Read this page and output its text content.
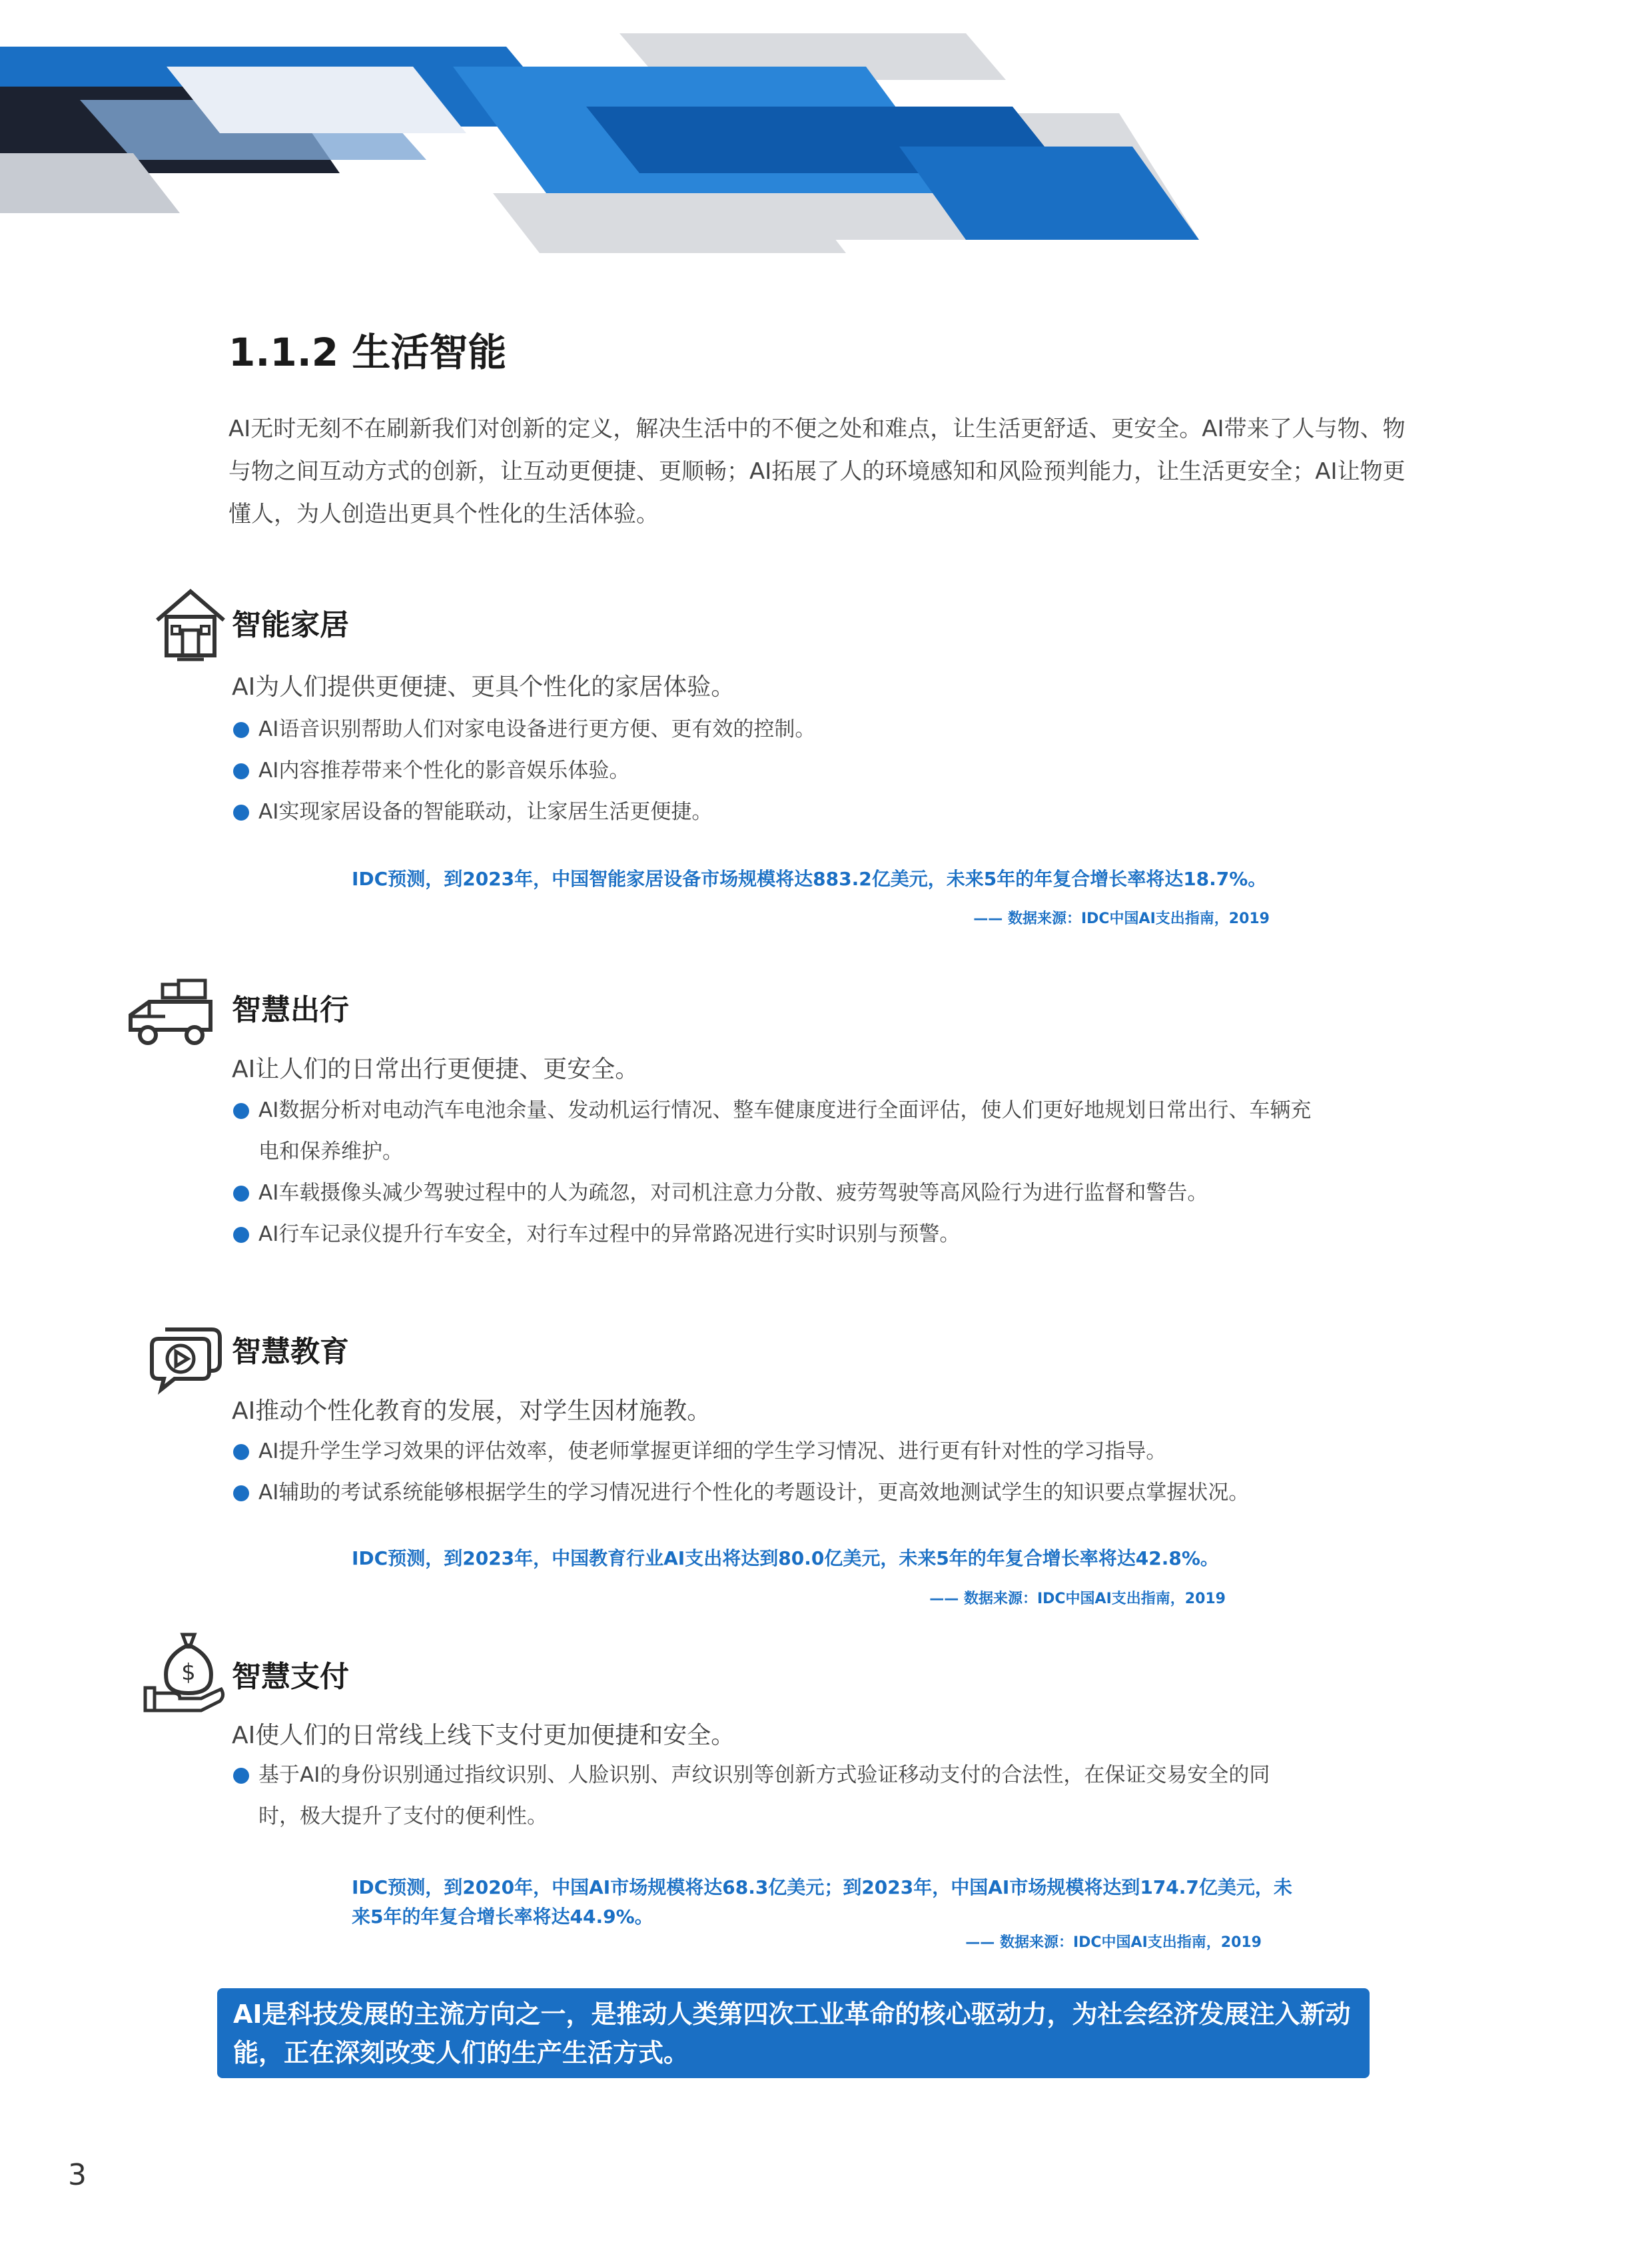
1.1.2 生活智能

AI无时无刻不在刷新我们对创新的定义，解决生活中的不便之处和难点，让生活更舒适、更安全。AI带来了人与物、物与物之间互动方式的创新，让互动更便捷、更顺畅；AI拓展了人的环境感知和风险预判能力，让生活更安全；AI让物更懂人，为人创造出更具个性化的生活体验。

智能家居

AI为人们提供更便捷、更具个性化的家居体验。

AI语音识别帮助人们对家电设备进行更方便、更有效的控制。
AI内容推荐带来个性化的影音娱乐体验。
AI实现家居设备的智能联动，让家居生活更便捷。

IDC预测，到2023年，中国智能家居设备市场规模将达883.2亿美元，未来5年的年复合增长率将达18.7%。

—— 数据来源：IDC中国AI支出指南，2019

智慧出行

AI让人们的日常出行更便捷、更安全。

AI数据分析对电动汽车电池余量、发动机运行情况、整车健康度进行全面评估，使人们更好地规划日常出行、车辆充电和保养维护。
AI车载摄像头减少驾驶过程中的人为疏忽，对司机注意力分散、疲劳驾驶等高风险行为进行监督和警告。
AI行车记录仪提升行车安全，对行车过程中的异常路况进行实时识别与预警。
智慧教育

AI推动个性化教育的发展，对学生因材施教。

AI提升学生学习效果的评估效率，使老师掌握更详细的学生学习情况、进行更有针对性的学习指导。
AI辅助的考试系统能够根据学生的学习情况进行个性化的考题设计，更高效地测试学生的知识要点掌握状况。

IDC预测，到2023年，中国教育行业AI支出将达到80.0亿美元，未来5年的年复合增长率将达42.8%。

—— 数据来源：IDC中国AI支出指南，2019

$ 智慧支付

AI使人们的日常线上线下支付更加便捷和安全。

基于AI的身份识别通过指纹识别、人脸识别、声纹识别等创新方式验证移动支付的合法性，在保证交易安全的同时，极大提升了支付的便利性。

IDC预测，到2020年，中国AI市场规模将达68.3亿美元；到2023年，中国AI市场规模将达到174.7亿美元，未来5年的年复合增长率将达44.9%。

—— 数据来源：IDC中国AI支出指南，2019

AI是科技发展的主流方向之一，是推动人类第四次工业革命的核心驱动力，为社会经济发展注入新动能，正在深刻改变人们的生产生活方式。
3
